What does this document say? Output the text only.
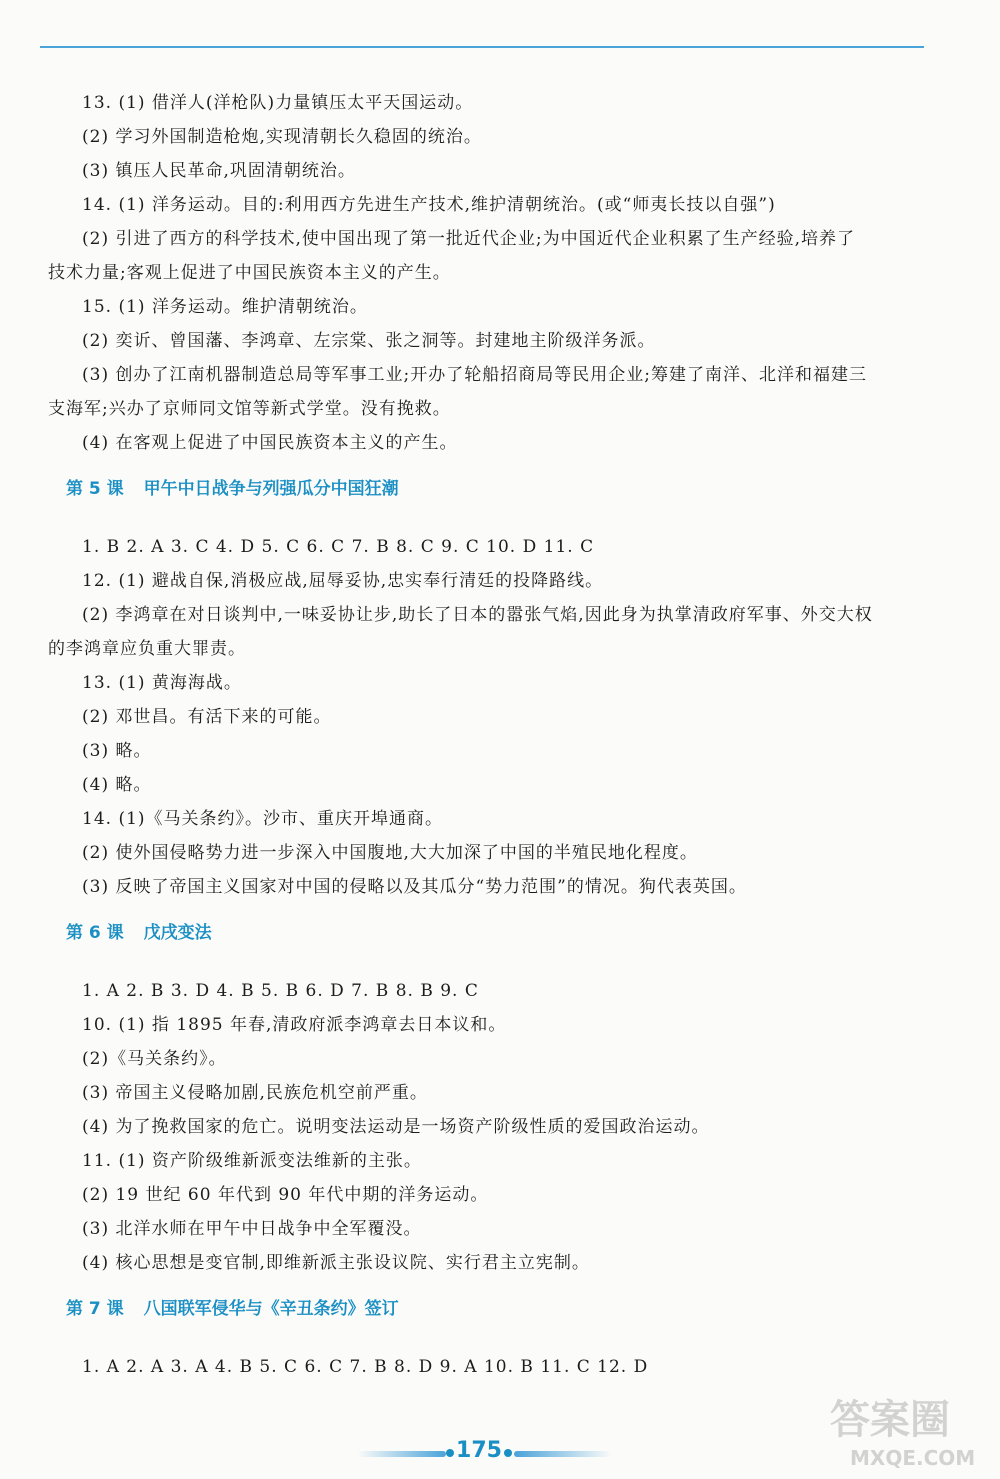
13. (1) 借洋人(洋枪队)力量镇压太平天国运动。
(2) 学习外国制造枪炮,实现清朝长久稳固的统治。
(3) 镇压人民革命,巩固清朝统治。
14. (1) 洋务运动。目的:利用西方先进生产技术,维护清朝统治。(或“师夷长技以自强”)
(2) 引进了西方的科学技术,使中国出现了第一批近代企业;为中国近代企业积累了生产经验,培养了
技术力量;客观上促进了中国民族资本主义的产生。
15. (1) 洋务运动。维护清朝统治。
(2) 奕䜣、曾国藩、李鸿章、左宗棠、张之洞等。封建地主阶级洋务派。
(3) 创办了江南机器制造总局等军事工业;开办了轮船招商局等民用企业;筹建了南洋、北洋和福建三
支海军;兴办了京师同文馆等新式学堂。没有挽救。
(4) 在客观上促进了中国民族资本主义的产生。
第 5 课 甲午中日战争与列强瓜分中国狂潮
1. B 2. A 3. C 4. D 5. C 6. C 7. B 8. C 9. C 10. D 11. C
12. (1) 避战自保,消极应战,屈辱妥协,忠实奉行清廷的投降路线。
(2) 李鸿章在对日谈判中,一味妥协让步,助长了日本的嚣张气焰,因此身为执掌清政府军事、外交大权
的李鸿章应负重大罪责。
13. (1) 黄海海战。
(2) 邓世昌。有活下来的可能。
(3) 略。
(4) 略。
14. (1)《马关条约》。沙市、重庆开埠通商。
(2) 使外国侵略势力进一步深入中国腹地,大大加深了中国的半殖民地化程度。
(3) 反映了帝国主义国家对中国的侵略以及其瓜分“势力范围”的情况。狗代表英国。
第 6 课 戊戌变法
1. A 2. B 3. D 4. B 5. B 6. D 7. B 8. B 9. C
10. (1) 指 1895 年春,清政府派李鸿章去日本议和。
(2)《马关条约》。
(3) 帝国主义侵略加剧,民族危机空前严重。
(4) 为了挽救国家的危亡。说明变法运动是一场资产阶级性质的爱国政治运动。
11. (1) 资产阶级维新派变法维新的主张。
(2) 19 世纪 60 年代到 90 年代中期的洋务运动。
(3) 北洋水师在甲午中日战争中全军覆没。
(4) 核心思想是变官制,即维新派主张设议院、实行君主立宪制。
第 7 课 八国联军侵华与《辛丑条约》签订
1. A 2. A 3. A 4. B 5. C 6. C 7. B 8. D 9. A 10. B 11. C 12. D
175
答案圈
MXQE.COM
